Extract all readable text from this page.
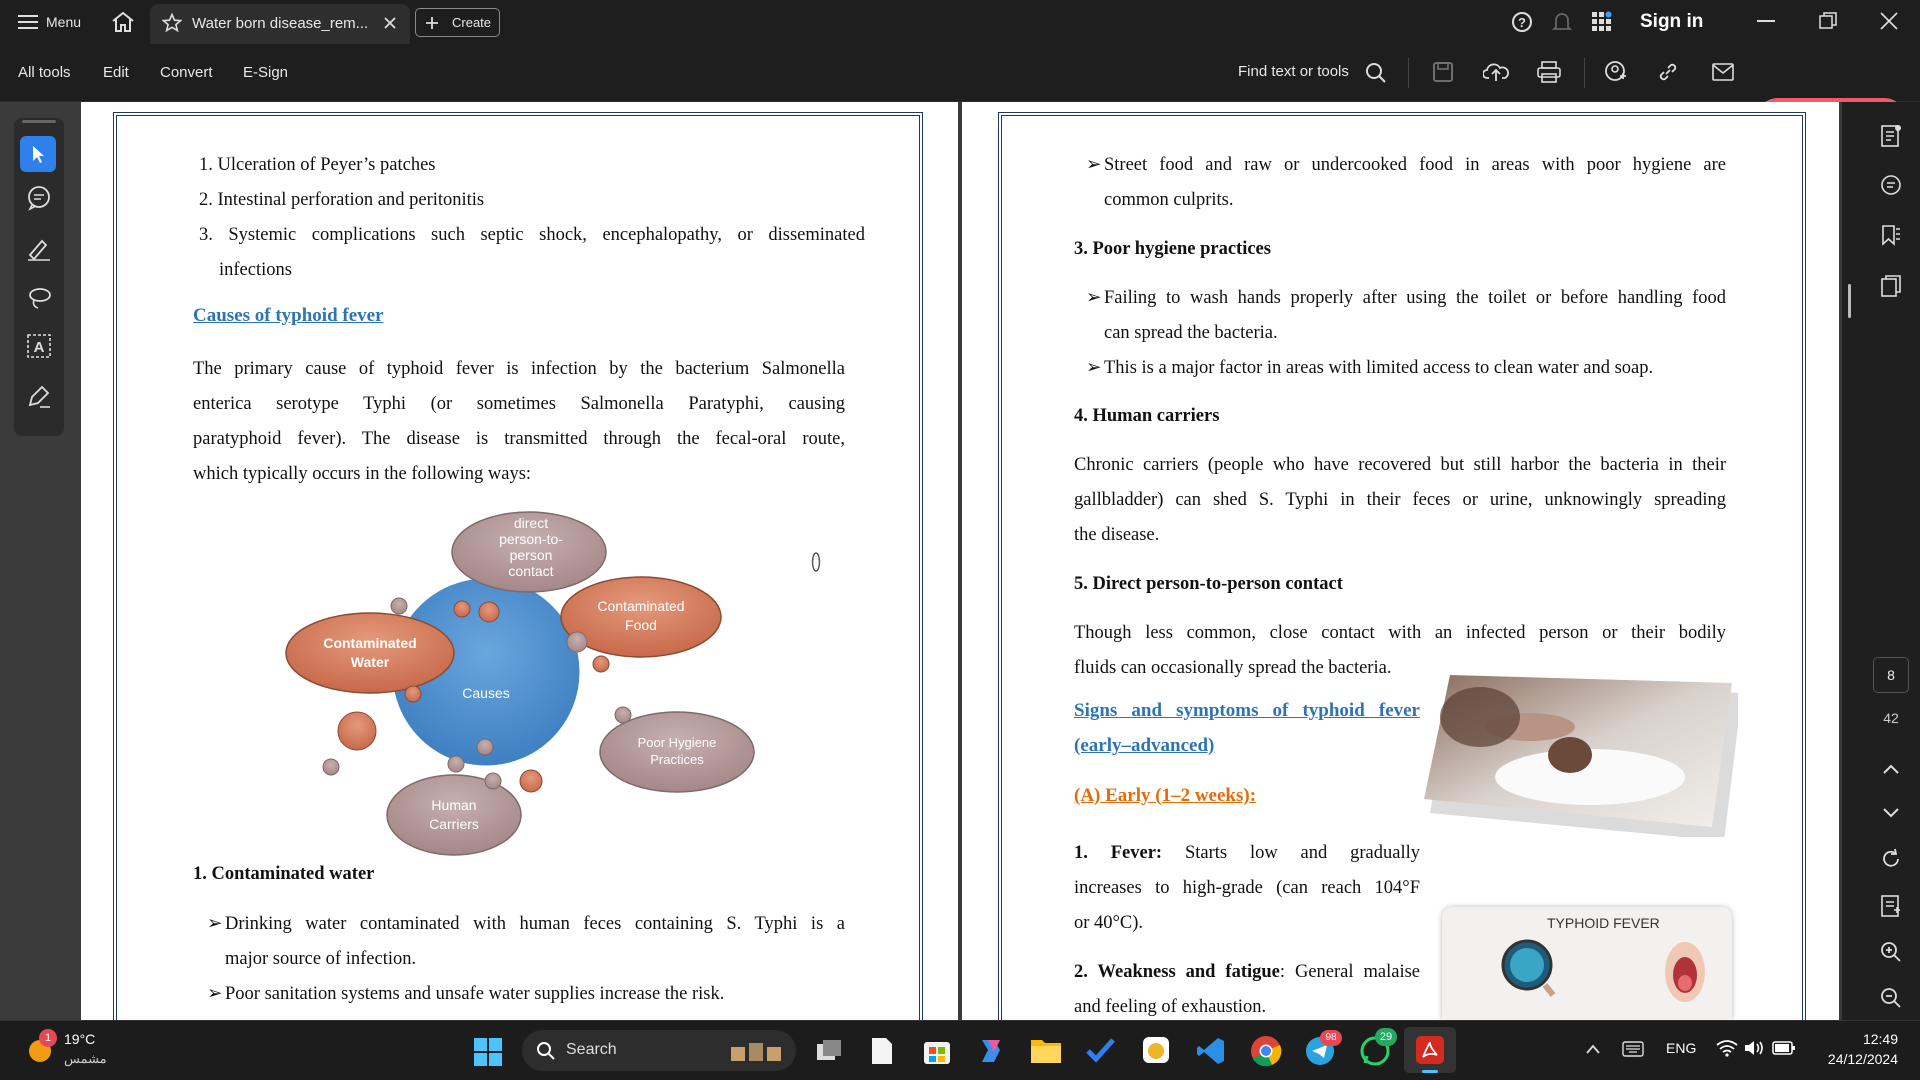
Menu	Water born disease_rem...	Create	?	Sign in
All tools Edit Convert E-Sign	Find text or tools
A
1. Ulceration of Peyer’s patches
2. Intestinal perforation and peritonitis
3. Systemic complications such septic shock, encephalopathy, or disseminated
infections
Causes of typhoid fever
The primary cause of typhoid fever is infection by the bacterium Salmonella
enterica serotype Typhi (or sometimes Salmonella Paratyphi, causing
paratyphoid fever). The disease is transmitted through the fecal-oral route,
which typically occurs in the following ways:
Causes
direct
person-to-
person
contact
Contaminated
Food
Contaminated
Water
Poor Hygiene
Practices
Human
Carriers
1. Contaminated water
➢ Drinking water contaminated with human feces containing S. Typhi is a
major source of infection.
➢ Poor sanitation systems and unsafe water supplies increase the risk.
➢ Street food and raw or undercooked food in areas with poor hygiene are
common culprits.
3. Poor hygiene practices
➢ Failing to wash hands properly after using the toilet or before handling food
can spread the bacteria.
➢ This is a major factor in areas with limited access to clean water and soap.
4. Human carriers
Chronic carriers (people who have recovered but still harbor the bacteria in their
gallbladder) can shed S. Typhi in their feces or urine, unknowingly spreading
the disease.
5. Direct person-to-person contact
Though less common, close contact with an infected person or their bodily
fluids can occasionally spread the bacteria.
Signs and symptoms of typhoid fever
(early–advanced)
(A) Early (1–2 weeks):
1. Fever: Starts low and gradually
increases to high-grade (can reach 104°F
or 40°C).
2. Weakness and fatigue: General malaise
and feeling of exhaustion.
TYPHOID FEVER
8
42
1 19°C
مشمس
Search
98	29
ENG
12:49
24/12/2024
